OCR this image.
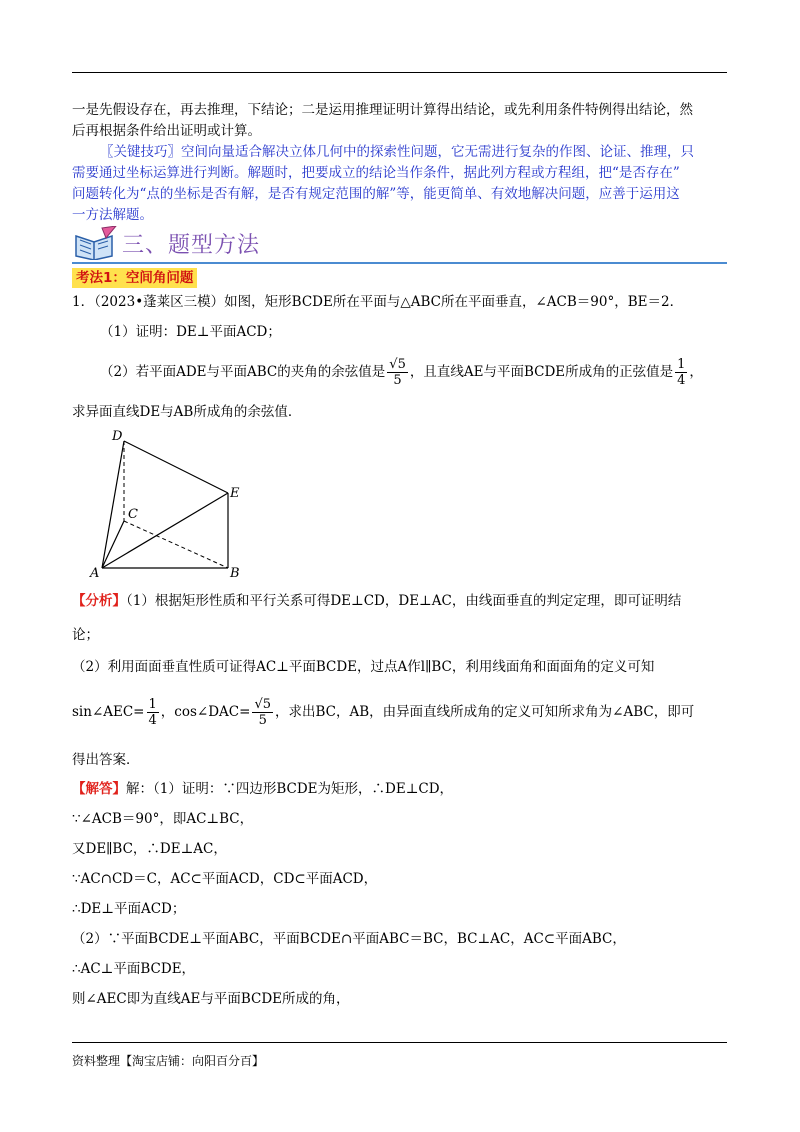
一是先假设存在，再去推理，下结论；二是运用推理证明计算得出结论，或先利用条件特例得出结论，然
后再根据条件给出证明或计算。
〖关键技巧〗空间向量适合解决立体几何中的探索性问题，它无需进行复杂的作图、论证、推理，只
需要通过坐标运算进行判断。解题时，把要成立的结论当作条件，据此列方程或方程组，把“是否存在”
问题转化为“点的坐标是否有解，是否有规定范围的解”等，能更简单、有效地解决问题，应善于运用这
一方法解题。
三、题型方法
考法1：空间角问题
1．（2023•蓬莱区三模）如图，矩形BCDE所在平面与△ABC所在平面垂直，∠ACB＝90°，BE＝2．
（1）证明：DE⊥平面ACD；
（2）若平面ADE与平面ABC的夹角的余弦值是 $\frac{√5}{5}$ ，且直线AE与平面BCDE所成角的正弦值是 $\frac{1}{4}$ ，
求异面直线DE与AB所成角的余弦值．
D
E
C
A	B
【分析】（1）根据矩形性质和平行关系可得DE⊥CD，DE⊥AC，由线面垂直的判定定理，即可证明结
论；
（2）利用面面垂直性质可证得AC⊥平面BCDE，过点A作l∥BC，利用线面角和面面角的定义可知
sin∠AEC= $\frac{1}{4}$ ，cos∠DAC= $\frac{√5}{5}$ ，求出BC，AB，由异面直线所成角的定义可知所求角为∠ABC，即可
得出答案．
【解答】解：（1）证明：∵四边形BCDE为矩形，∴DE⊥CD，
∵∠ACB＝90°，即AC⊥BC，
又DE∥BC，∴DE⊥AC，
∵AC∩CD＝C，AC⊂平面ACD，CD⊂平面ACD，
∴DE⊥平面ACD；
（2）∵平面BCDE⊥平面ABC，平面BCDE∩平面ABC＝BC，BC⊥AC，AC⊂平面ABC，
∴AC⊥平面BCDE，
则∠AEC即为直线AE与平面BCDE所成的角，
资料整理【淘宝店铺：向阳百分百】
